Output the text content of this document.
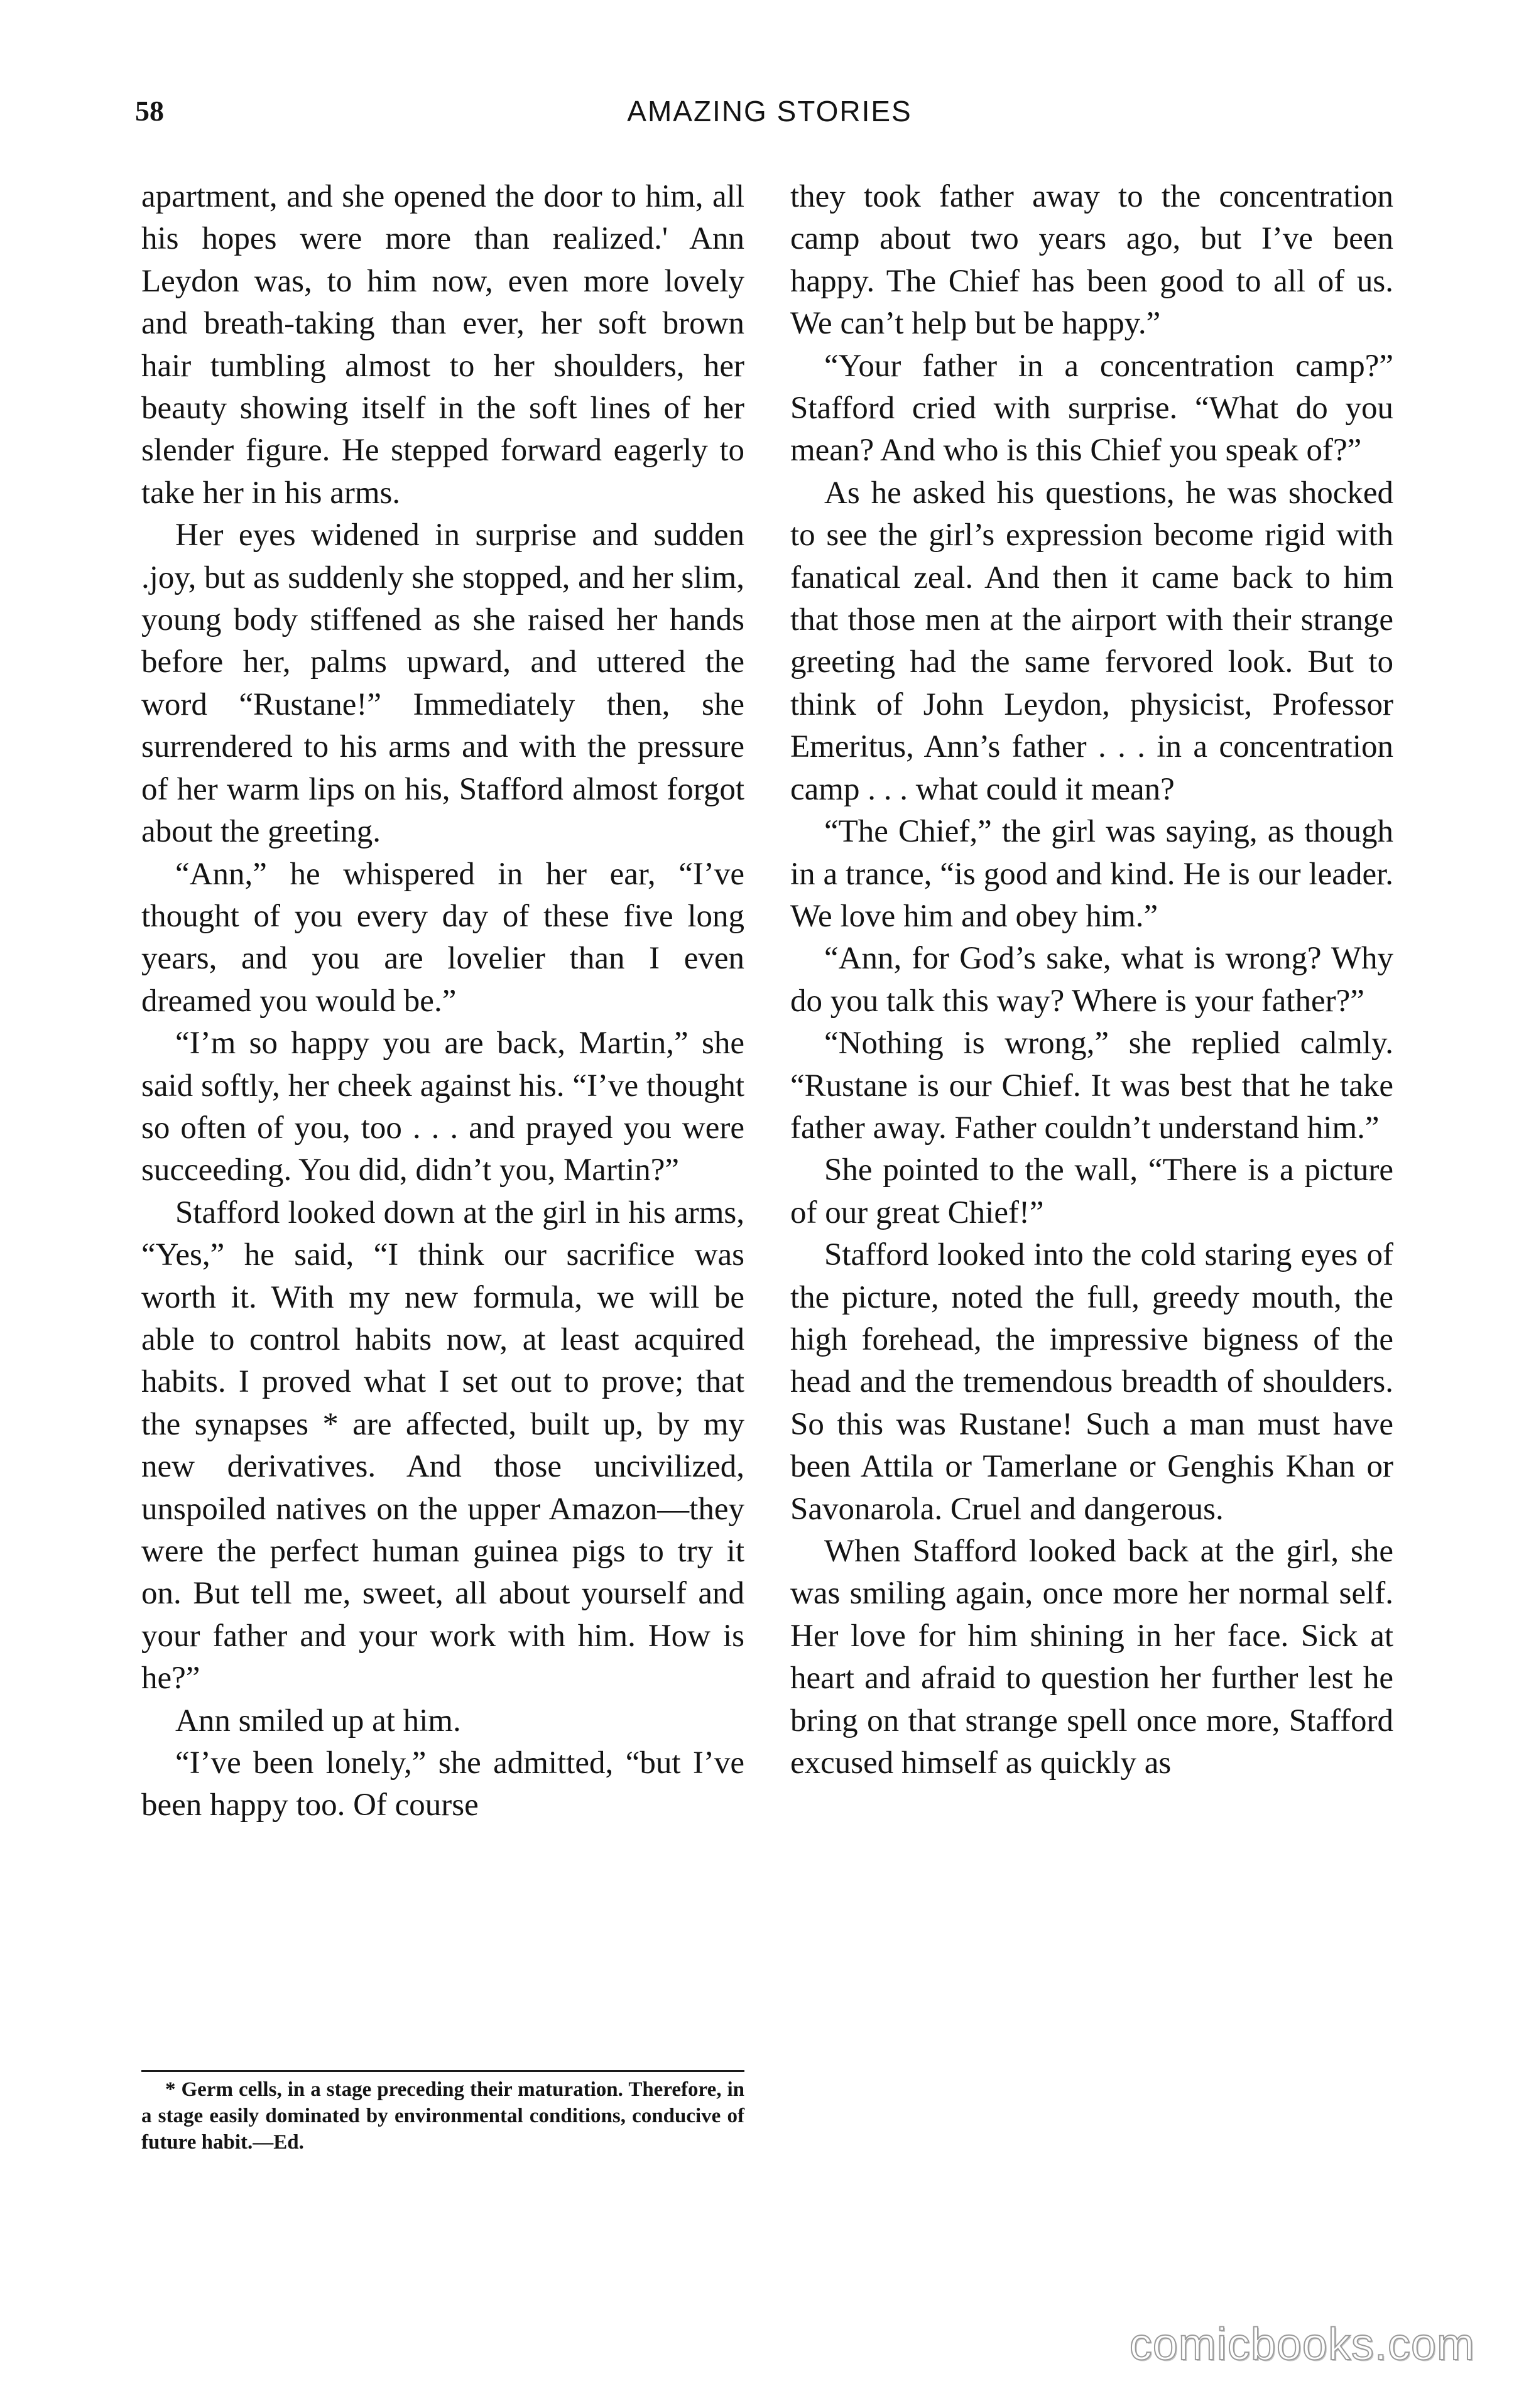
58	AMAZING STORIES

apartment, and she opened the door to him, all his hopes were more than realized.' Ann Leydon was, to him now, even more lovely and breath-taking than ever, her soft brown hair tumbling almost to her shoulders, her beauty showing itself in the soft lines of her slender figure. He stepped forward eagerly to take her in his arms.

Her eyes widened in surprise and sudden .joy, but as suddenly she stopped, and her slim, young body stiffened as she raised her hands before her, palms upward, and uttered the word “Rustane!” Immediately then, she surrendered to his arms and with the pressure of her warm lips on his, Stafford almost forgot about the greeting.

“Ann,” he whispered in her ear, “I’ve thought of you every day of these five long years, and you are lovelier than I even dreamed you would be.”

“I’m so happy you are back, Martin,” she said softly, her cheek against his. “I’ve thought so often of you, too . . . and prayed you were succeeding. You did, didn’t you, Martin?”

Stafford looked down at the girl in his arms, “Yes,” he said, “I think our sacrifice was worth it. With my new formula, we will be able to control habits now, at least acquired habits. I proved what I set out to prove; that the synapses * are affected, built up, by my new derivatives. And those uncivilized, unspoiled natives on the upper Amazon—they were the perfect human guinea pigs to try it on. But tell me, sweet, all about yourself and your father and your work with him. How is he?”

Ann smiled up at him.

“I’ve been lonely,” she admitted, “but I’ve been happy too. Of course

* Germ cells, in a stage preceding their maturation. Therefore, in a stage easily dominated by environmental conditions, conducive of future habit.—Ed.

they took father away to the concentration camp about two years ago, but I’ve been happy. The Chief has been good to all of us. We can’t help but be happy.”

“Your father in a concentration camp?” Stafford cried with surprise. “What do you mean? And who is this Chief you speak of?”

As he asked his questions, he was shocked to see the girl’s expression become rigid with fanatical zeal. And then it came back to him that those men at the airport with their strange greeting had the same fervored look. But to think of John Leydon, physicist, Professor Emeritus, Ann’s father . . . in a concentration camp . . . what could it mean?

“The Chief,” the girl was saying, as though in a trance, “is good and kind. He is our leader. We love him and obey him.”

“Ann, for God’s sake, what is wrong? Why do you talk this way? Where is your father?”

“Nothing is wrong,” she replied calmly. “Rustane is our Chief. It was best that he take father away. Father couldn’t understand him.”

She pointed to the wall, “There is a picture of our great Chief!”

Stafford looked into the cold staring eyes of the picture, noted the full, greedy mouth, the high forehead, the impressive bigness of the head and the tremendous breadth of shoulders. So this was Rustane! Such a man must have been Attila or Tamerlane or Genghis Khan or Savonarola. Cruel and dangerous.

When Stafford looked back at the girl, she was smiling again, once more her normal self. Her love for him shining in her face. Sick at heart and afraid to question her further lest he bring on that strange spell once more, Stafford excused himself as quickly as

comicbooks.com
